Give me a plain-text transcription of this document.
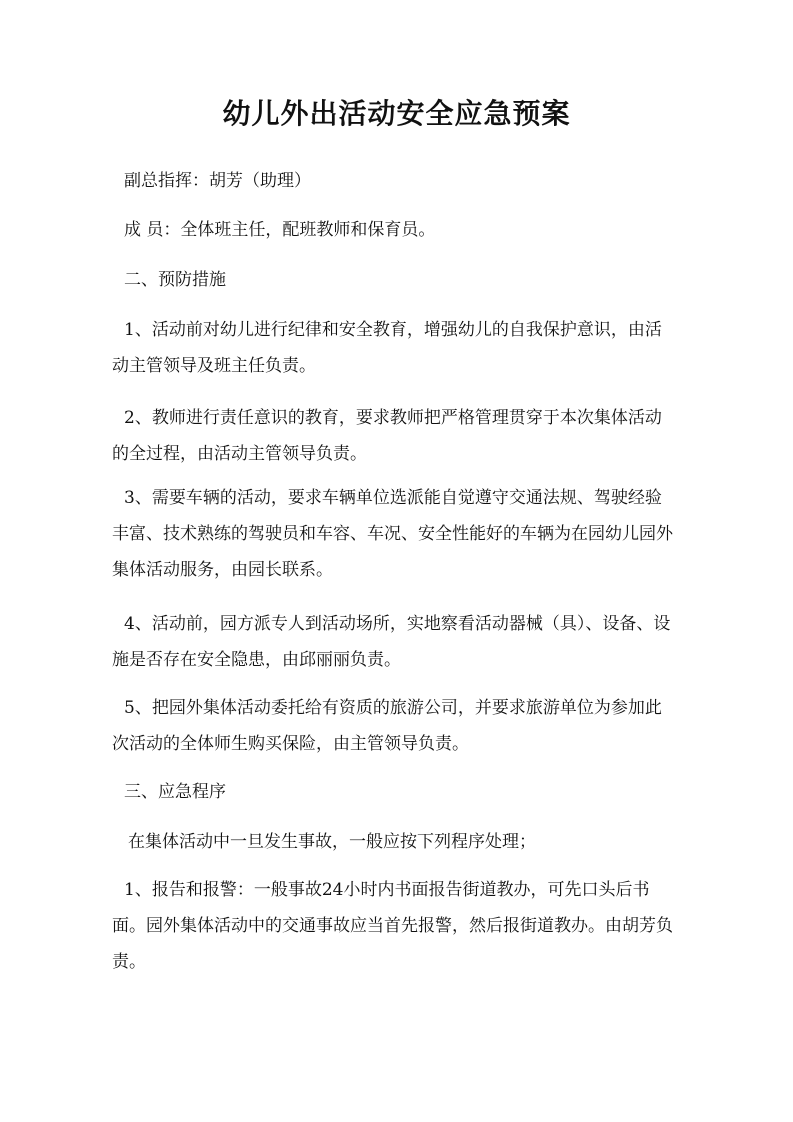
幼儿外出活动安全应急预案

副总指挥：胡芳（助理）

成 员：全体班主任，配班教师和保育员。

二、预防措施

1、活动前对幼儿进行纪律和安全教育，增强幼儿的自我保护意识，由活动主管领导及班主任负责。

2、教师进行责任意识的教育，要求教师把严格管理贯穿于本次集体活动的全过程，由活动主管领导负责。

3、需要车辆的活动，要求车辆单位选派能自觉遵守交通法规、驾驶经验丰富、技术熟练的驾驶员和车容、车况、安全性能好的车辆为在园幼儿园外集体活动服务，由园长联系。

4、活动前，园方派专人到活动场所，实地察看活动器械（具）、设备、设施是否存在安全隐患，由邱丽丽负责。

5、把园外集体活动委托给有资质的旅游公司，并要求旅游单位为参加此次活动的全体师生购买保险，由主管领导负责。

三、应急程序

在集体活动中一旦发生事故，一般应按下列程序处理；

1、报告和报警：一般事故24小时内书面报告街道教办，可先口头后书面。园外集体活动中的交通事故应当首先报警，然后报街道教办。由胡芳负责。
